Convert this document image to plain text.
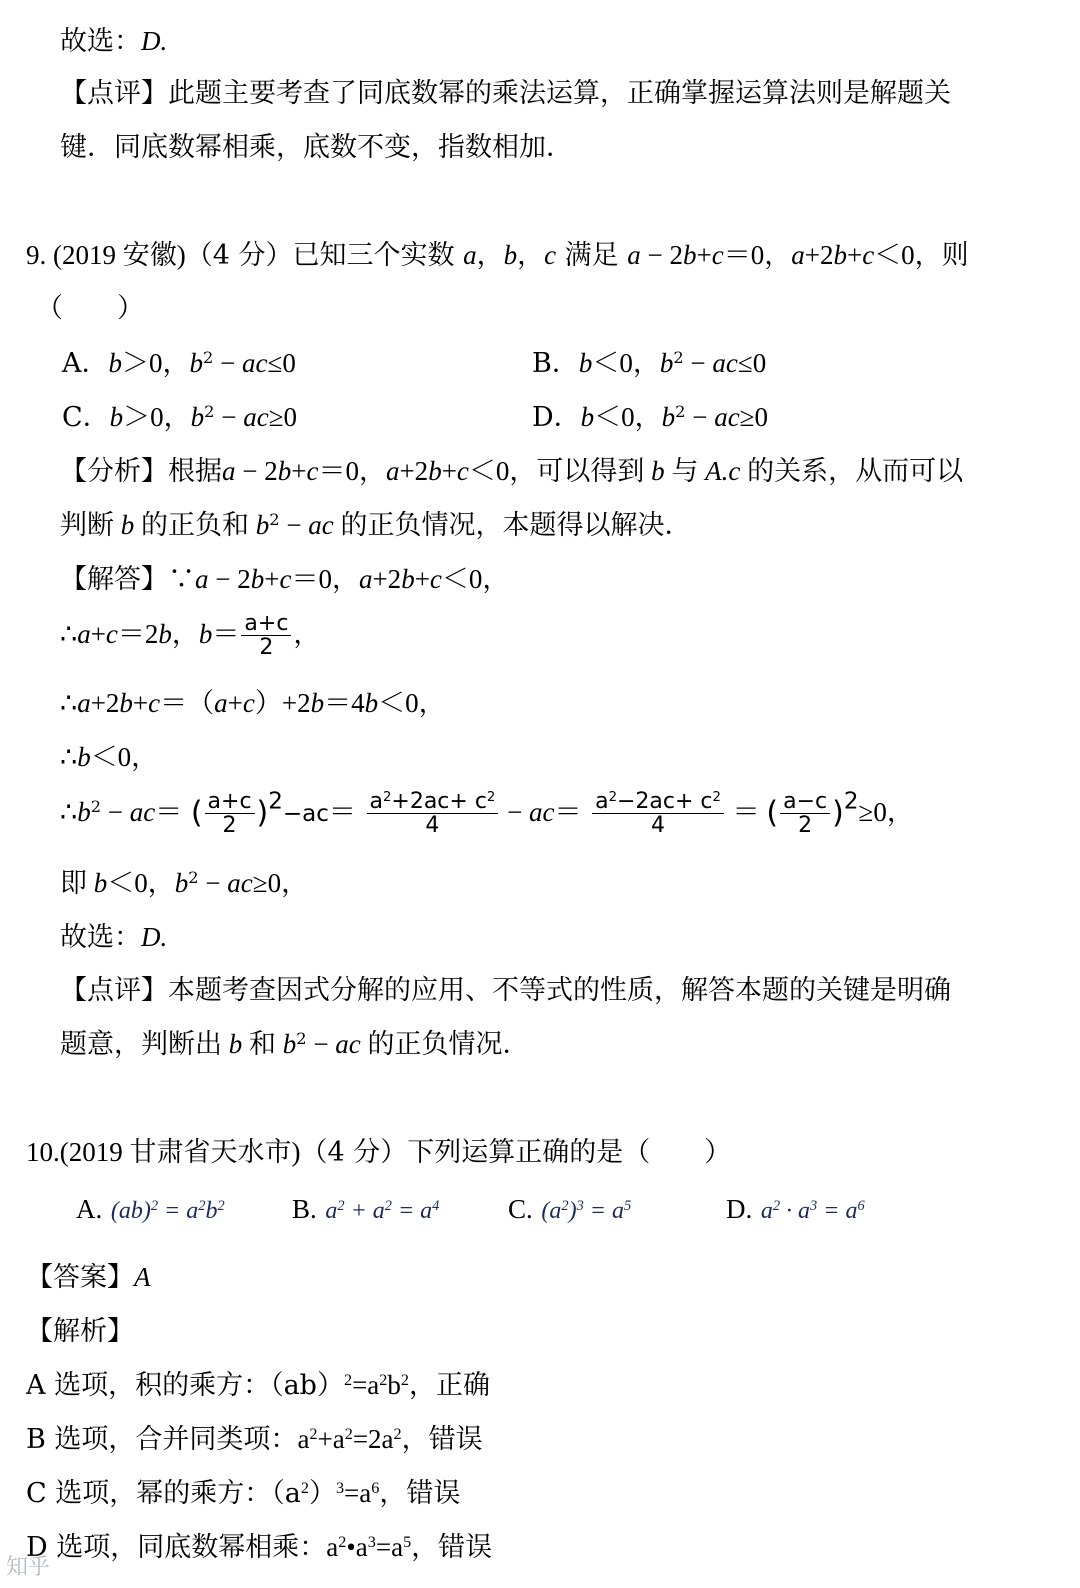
故选：D.
【点评】此题主要考查了同底数幂的乘法运算，正确掌握运算法则是解题关
键．同底数幂相乘，底数不变，指数相加．
9. (2019 安徽)（4 分）已知三个实数 a，b，c 满足 a − 2b+c＝0，a+2b+c＜0，则
（　　）
A．b＞0，$b^2 - ac\le 0$	B．b＜0，$b^2 - ac\le 0$
C．b＞0，$b^2 - ac\ge 0$	D．b＜0，$b^2 - ac\ge 0$
【分析】根据a − 2b+c＝0，a+2b+c＜0，可以得到 b 与 A.c 的关系，从而可以
判断 b 的正负和 $b^2$ − ac 的正负情况，本题得以解决．
【解答】∵a − 2b+c＝0，a+2b+c＜0，
∴a+c＝2b，$b= \frac{a+c}{2}$ ，
∴a+2b+c＝（a+c）+2b＝4b＜0，
∴b＜0，
$\therefore b^2 - ac=$ ( $\frac{a+c}{2} )^2-ac= \frac{a^2+2ac+ c^2}{4} - ac= \frac{a^2-2ac+ c^2}{4}$ ＝ ( $\frac{a-c}{2} )^2\ge 0$，
即 b＜0，$b^2 - ac\ge 0$，
故选：D.
【点评】本题考查因式分解的应用、不等式的性质，解答本题的关键是明确
题意，判断出 b 和 $b^2$ − ac 的正负情况．
10.(2019 甘肃省天水市)（4 分）下列运算正确的是（　　）
A. $(ab)^2 = a^2b^2$ B. $a^2 + a^2 = a^4$	C. $(a^2)^3 = a^5$	D. $a^2 \cdot a^3 = a^6$
【答案】A
【解析】
A 选项，积的乘方：$(ab)^2=a^2b^2$，正确
B 选项，合并同类项：$a^2+a^2=2a^2$，错误
C 选项，幂的乘方：$(a^2)^3=a^6$，错误
D 选项，同底数幂相乘：$a^2•a^3=a^5$，错误
知乎
